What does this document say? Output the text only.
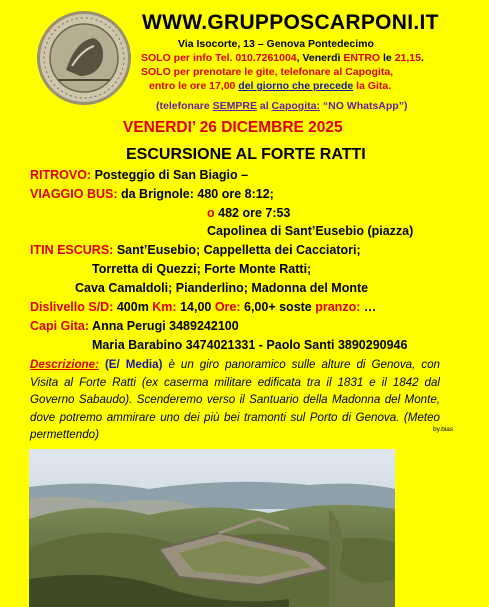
WWW.GRUPPOSCARPONI.IT
Via Isocorte, 13 – Genova Pontedecimo
SOLO per info Tel. 010.7261004, Venerdì ENTRO le 21,15.
SOLO per prenotare le gite, telefonare al Capogita,
entro le ore 17,00 del giorno che precede la Gita.
(telefonare SEMPRE al Capogita: “NO WhatsApp”)
VENERDI’ 26 DICEMBRE 2025
ESCURSIONE AL FORTE RATTI
RITROVO: Posteggio di San Biagio –
VIAGGIO BUS: da Brignole: 480 ore 8:12;
o 482 ore 7:53
Capolinea di Sant’Eusebio (piazza)
ITIN ESCURS: Sant’Eusebio; Cappelletta dei Cacciatori;
Torretta di Quezzi; Forte Monte Ratti;
Cava Camaldoli; Pianderlino; Madonna del Monte
Dislivello S/D: 400m Km: 14,00 Ore: 6,00+ soste pranzo: …
Capi Gita: Anna Perugi 3489242100
Maria Barabino 3474021331 - Paolo Santi 3890290946
Descrizione: (E/ Media) è un giro panoramico sulle alture di Genova, con Visita al Forte Ratti (ex caserma militare edificata tra il 1831 e il 1842 dal Governo Sabaudo). Scenderemo verso il Santuario della Madonna del Monte, dove potremo ammirare uno dei più bei tramonti sul Porto di Genova. (Meteo permettendo)	by.bias
